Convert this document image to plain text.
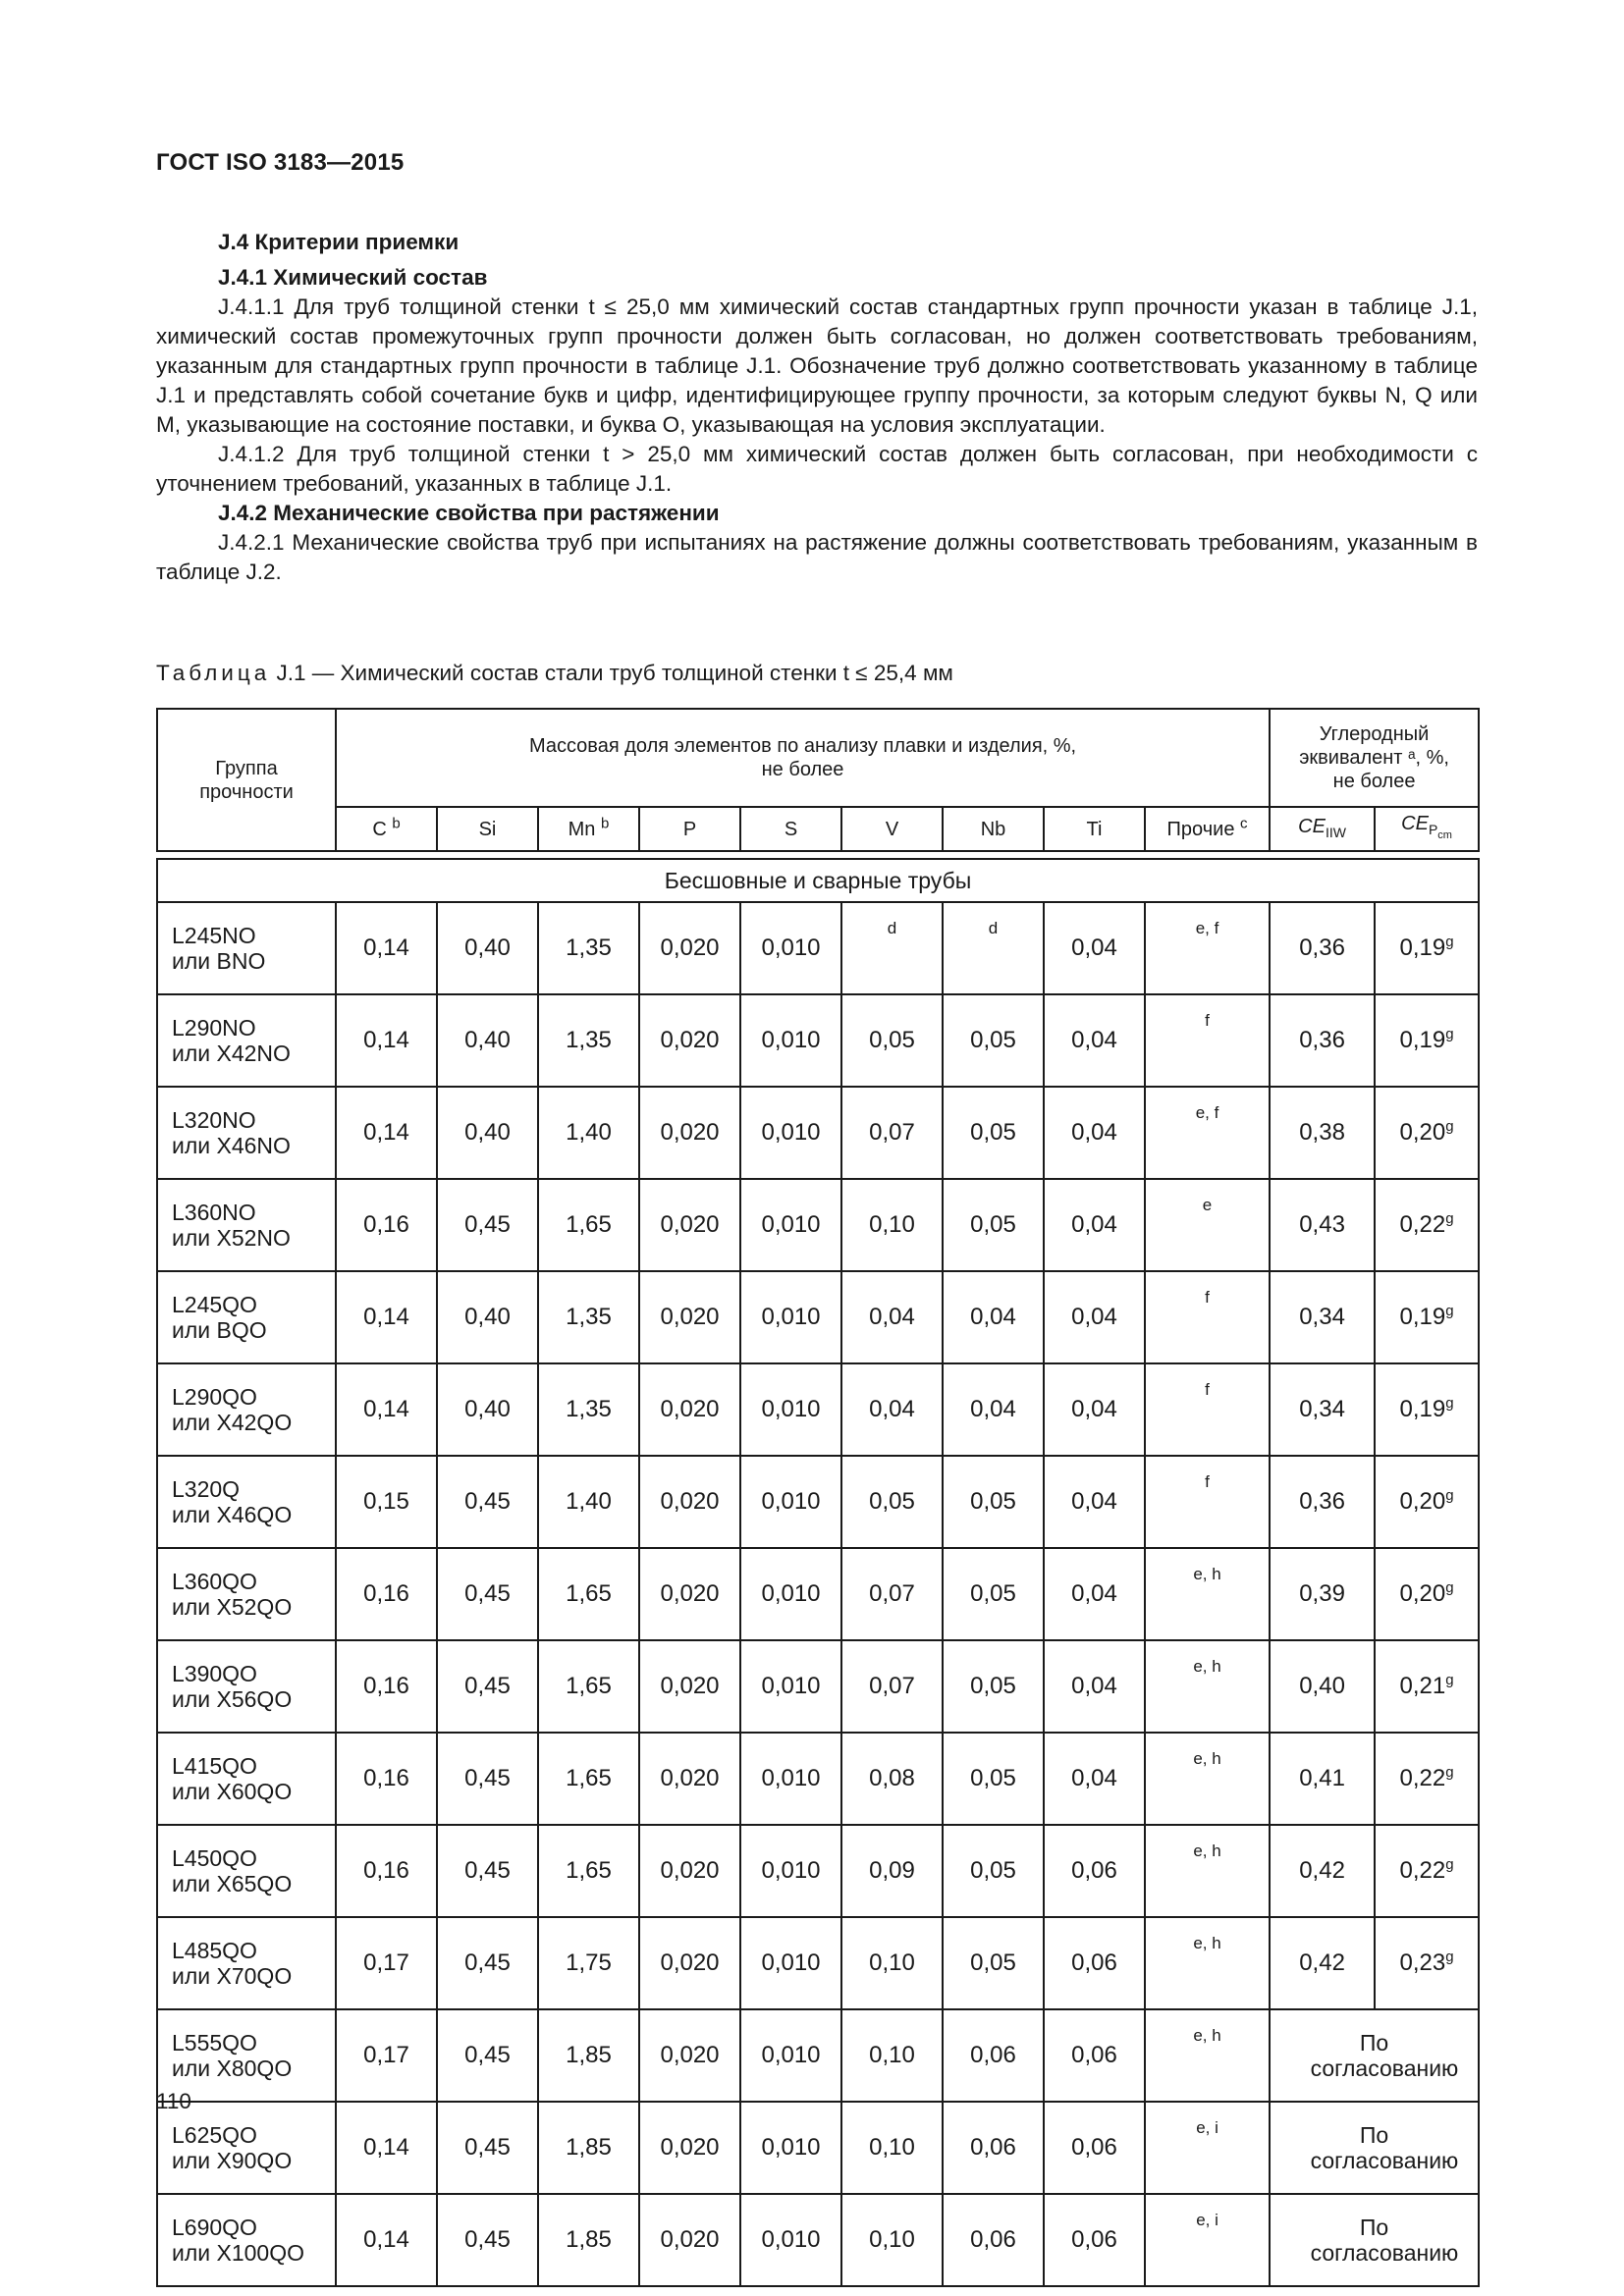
ГОСТ ISO 3183—2015

J.4 Критерии приемки

J.4.1 Химический состав

J.4.1.1 Для труб толщиной стенки t ≤ 25,0 мм химический состав стандартных групп прочности указан в таблице J.1, химический состав промежуточных групп прочности должен быть согласован, но должен соответствовать требованиям, указанным для стандартных групп прочности в таблице J.1. Обозначение труб должно соответствовать указанному в таблице J.1 и представлять собой сочетание букв и цифр, идентифицирующее группу прочности, за которым следуют буквы N, Q или M, указывающие на состояние поставки, и буква O, указывающая на условия эксплуатации.

J.4.1.2 Для труб толщиной стенки t > 25,0 мм химический состав должен быть согласован, при необходимости с уточнением требований, указанных в таблице J.1.

J.4.2 Механические свойства при растяжении

J.4.2.1 Механические свойства труб при испытаниях на растяжение должны соответствовать требованиям, указанным в таблице J.2.

Таблица J.1 — Химический состав стали труб толщиной стенки t ≤ 25,4 мм
Группа прочности	Массовая доля элементов по анализу плавки и изделия, %, не более									Углеродный эквивалент ᵃ, %, не более	

	C $^b$	Si	Mn $^b$	P	S	V	Nb	Ti	Прочие $^c$	$CE_{IIW}$	$CE_{P_{cm}}$

Бесшовные и сварные трубы											

L245NO
или BNO	0,14	0,40	1,35	0,020	0,010	d	d	0,04	e, f	0,36	0,19$^g$

L290NO
или X42NO	0,14	0,40	1,35	0,020	0,010	0,05	0,05	0,04	f	0,36	0,19$^g$

L320NO
или X46NO	0,14	0,40	1,40	0,020	0,010	0,07	0,05	0,04	e, f	0,38	0,20$^g$

L360NO
или X52NO	0,16	0,45	1,65	0,020	0,010	0,10	0,05	0,04	e	0,43	0,22$^g$

L245QO
или BQO	0,14	0,40	1,35	0,020	0,010	0,04	0,04	0,04	f	0,34	0,19$^g$

L290QO
или X42QO	0,14	0,40	1,35	0,020	0,010	0,04	0,04	0,04	f	0,34	0,19$^g$

L320Q
или X46QO	0,15	0,45	1,40	0,020	0,010	0,05	0,05	0,04	f	0,36	0,20$^g$

L360QO
или X52QO	0,16	0,45	1,65	0,020	0,010	0,07	0,05	0,04	e, h	0,39	0,20$^g$

L390QO
или X56QO	0,16	0,45	1,65	0,020	0,010	0,07	0,05	0,04	e, h	0,40	0,21$^g$

L415QO
или X60QO	0,16	0,45	1,65	0,020	0,010	0,08	0,05	0,04	e, h	0,41	0,22$^g$

L450QO
или X65QO	0,16	0,45	1,65	0,020	0,010	0,09	0,05	0,06	e, h	0,42	0,22$^g$

L485QO
или X70QO	0,17	0,45	1,75	0,020	0,010	0,10	0,05	0,06	e, h	0,42	0,23$^g$

L555QO
или X80QO	0,17	0,45	1,85	0,020	0,010	0,10	0,06	0,06	e, h	По согласованию	

L625QO
или X90QO	0,14	0,45	1,85	0,020	0,010	0,10	0,06	0,06	e, i	По согласованию	

L690QO
или X100QO	0,14	0,45	1,85	0,020	0,010	0,10	0,06	0,06	e, i	По согласованию	
110
